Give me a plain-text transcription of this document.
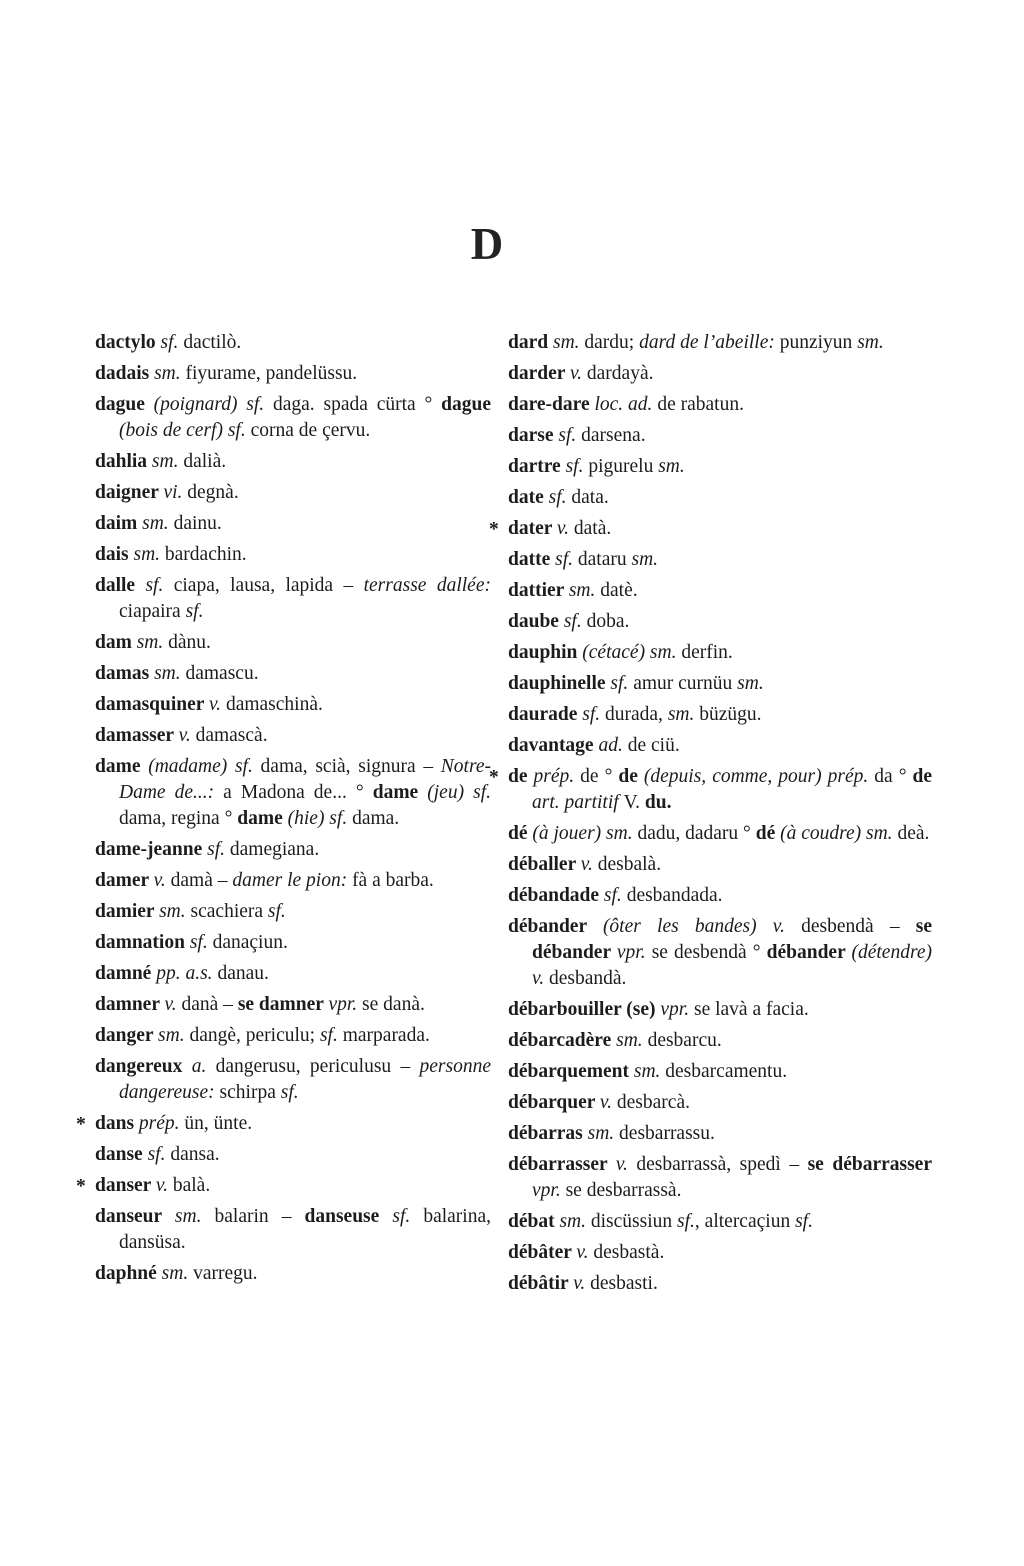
D

dactylo sf. dactilò.

dadais sm. fiyurame, pandelüssu.

dague (poignard) sf. daga. spada cürta ° dague (bois de cerf) sf. corna de çervu.

dahlia sm. dalià.

daigner vi. degnà.

daim sm. dainu.

dais sm. bardachin.

dalle sf. ciapa, lausa, lapida – terrasse dallée: ciapaira sf.

dam sm. dànu.

damas sm. damascu.

damasquiner v. damaschinà.

damasser v. damascà.

dame (madame) sf. dama, scià, signura – Notre-Dame de...: a Madona de... ° dame (jeu) sf. dama, regina ° dame (hie) sf. dama.

dame-jeanne sf. damegiana.

damer v. damà – damer le pion: fà a barba.

damier sm. scachiera sf.

damnation sf. danaçiun.

damné pp. a.s. danau.

damner v. danà – se damner vpr. se danà.

danger sm. dangè, periculu; sf. marparada.

dangereux a. dangerusu, periculusu – personne dangereuse: schirpa sf.

* dans prép. ün, ünte.

danse sf. dansa.

* danser v. balà.

danseur sm. balarin – danseuse sf. balarina, dansüsa.

daphné sm. varregu.

dard sm. dardu; dard de l’abeille: punziyun sm.

darder v. dardayà.

dare-dare loc. ad. de rabatun.

darse sf. darsena.

dartre sf. pigurelu sm.

date sf. data.

* dater v. datà.

datte sf. dataru sm.

dattier sm. datè.

daube sf. doba.

dauphin (cétacé) sm. derfin.

dauphinelle sf. amur curnüu sm.

daurade sf. durada, sm. büzügu.

davantage ad. de ciü.

* de prép. de ° de (depuis, comme, pour) prép. da ° de art. partitif V. du.

dé (à jouer) sm. dadu, dadaru ° dé (à coudre) sm. deà.

déballer v. desbalà.

débandade sf. desbandada.

débander (ôter les bandes) v. desbendà – se débander vpr. se desbendà ° débander (détendre) v. desbandà.

débarbouiller (se) vpr. se lavà a facia.

débarcadère sm. desbarcu.

débarquement sm. desbarcamentu.

débarquer v. desbarcà.

débarras sm. desbarrassu.

débarrasser v. desbarrassà, spedì – se débarrasser vpr. se desbarrassà.

débat sm. discüssiun sf., altercaçiun sf.

débâter v. desbastà.

débâtir v. desbasti.
